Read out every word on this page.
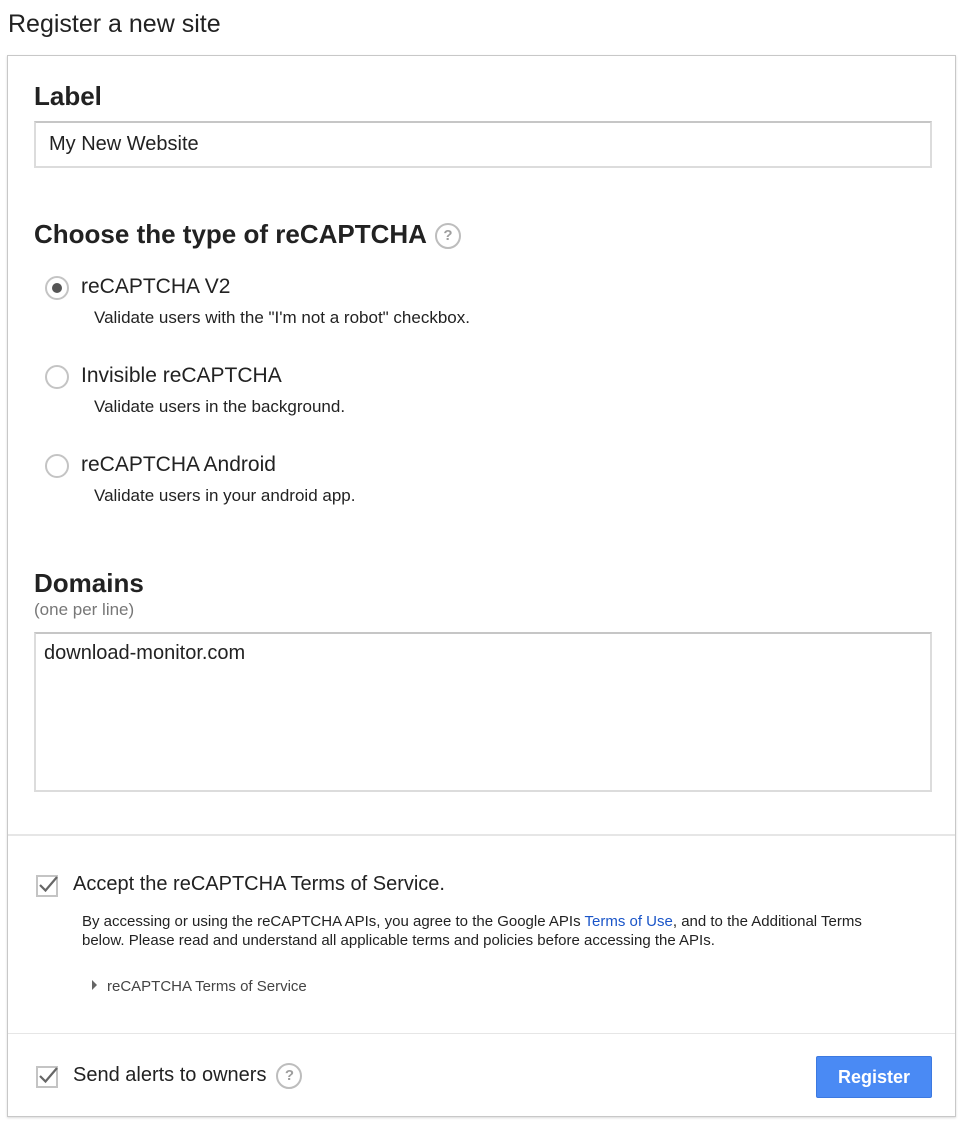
Register a new site
Label
My New Website
Choose the type of reCAPTCHA ?
reCAPTCHA V2
Validate users with the "I'm not a robot" checkbox.
Invisible reCAPTCHA
Validate users in the background.
reCAPTCHA Android
Validate users in your android app.
Domains
(one per line)
download-monitor.com
Accept the reCAPTCHA Terms of Service.
By accessing or using the reCAPTCHA APIs, you agree to the Google APIs Terms of Use, and to the Additional Terms below. Please read and understand all applicable terms and policies before accessing the APIs.
reCAPTCHA Terms of Service
Send alerts to owners ?	Register
